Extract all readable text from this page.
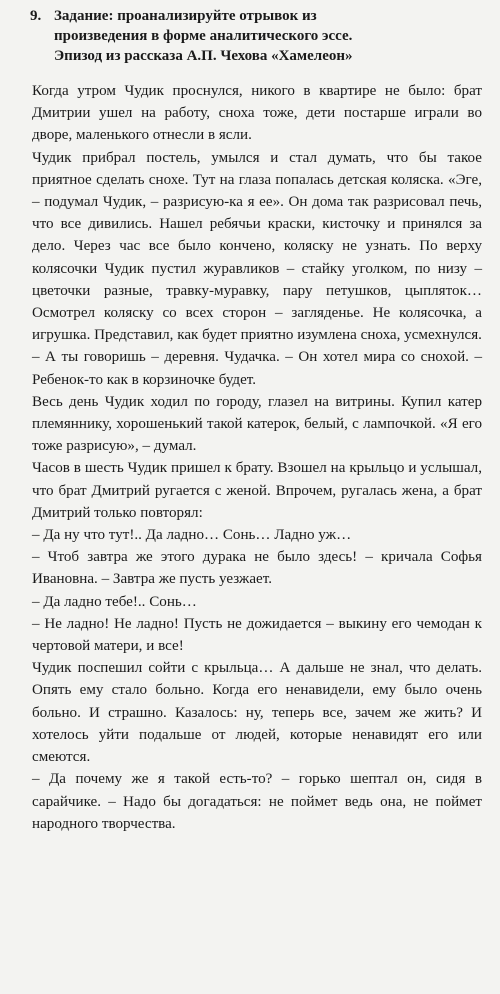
9. Задание: проанализируйте отрывок из
произведения в форме аналитического эссе.
Эпизод из рассказа А.П. Чехова «Хамелеон»

Когда утром Чудик проснулся, никого в квартире не было: брат Дмитрии ушел на работу, сноха тоже, дети постарше играли во дворе, маленького отнесли в ясли.

Чудик прибрал постель, умылся и стал думать, что бы такое приятное сделать снохе. Тут на глаза попалась детская коляска. «Эге, – подумал Чудик, – разрисую-ка я ее». Он дома так разрисовал печь, что все дивились. Нашел ребячьи краски, кисточку и принялся за дело. Через час все было кончено, коляску не узнать. По верху колясочки Чудик пустил журавликов – стайку уголком, по низу – цветочки разные, травку-муравку, пару петушков, цыпляток… Осмотрел коляску со всех сторон – загляденье. Не колясочка, а игрушка. Представил, как будет приятно изумлена сноха, усмехнулся.

– А ты говоришь – деревня. Чудачка. – Он хотел мира со снохой. – Ребенок-то как в корзиночке будет.

Весь день Чудик ходил по городу, глазел на витрины. Купил катер племяннику, хорошенький такой катерок, белый, с лампочкой. «Я его тоже разрисую», – думал.

Часов в шесть Чудик пришел к брату. Взошел на крыльцо и услышал, что брат Дмитрий ругается с женой. Впрочем, ругалась жена, а брат Дмитрий только повторял:

– Да ну что тут!.. Да ладно… Сонь… Ладно уж…

– Чтоб завтра же этого дурака не было здесь! – кричала Софья Ивановна. – Завтра же пусть уезжает.

– Да ладно тебе!.. Сонь…

– Не ладно! Не ладно! Пусть не дожидается – выкину его чемодан к чертовой матери, и все!

Чудик поспешил сойти с крыльца… А дальше не знал, что делать. Опять ему стало больно. Когда его ненавидели, ему было очень больно. И страшно. Казалось: ну, теперь все, зачем же жить? И хотелось уйти подальше от людей, которые ненавидят его или смеются.

– Да почему же я такой есть-то? – горько шептал он, сидя в сарайчике. – Надо бы догадаться: не поймет ведь она, не поймет народного творчества.
